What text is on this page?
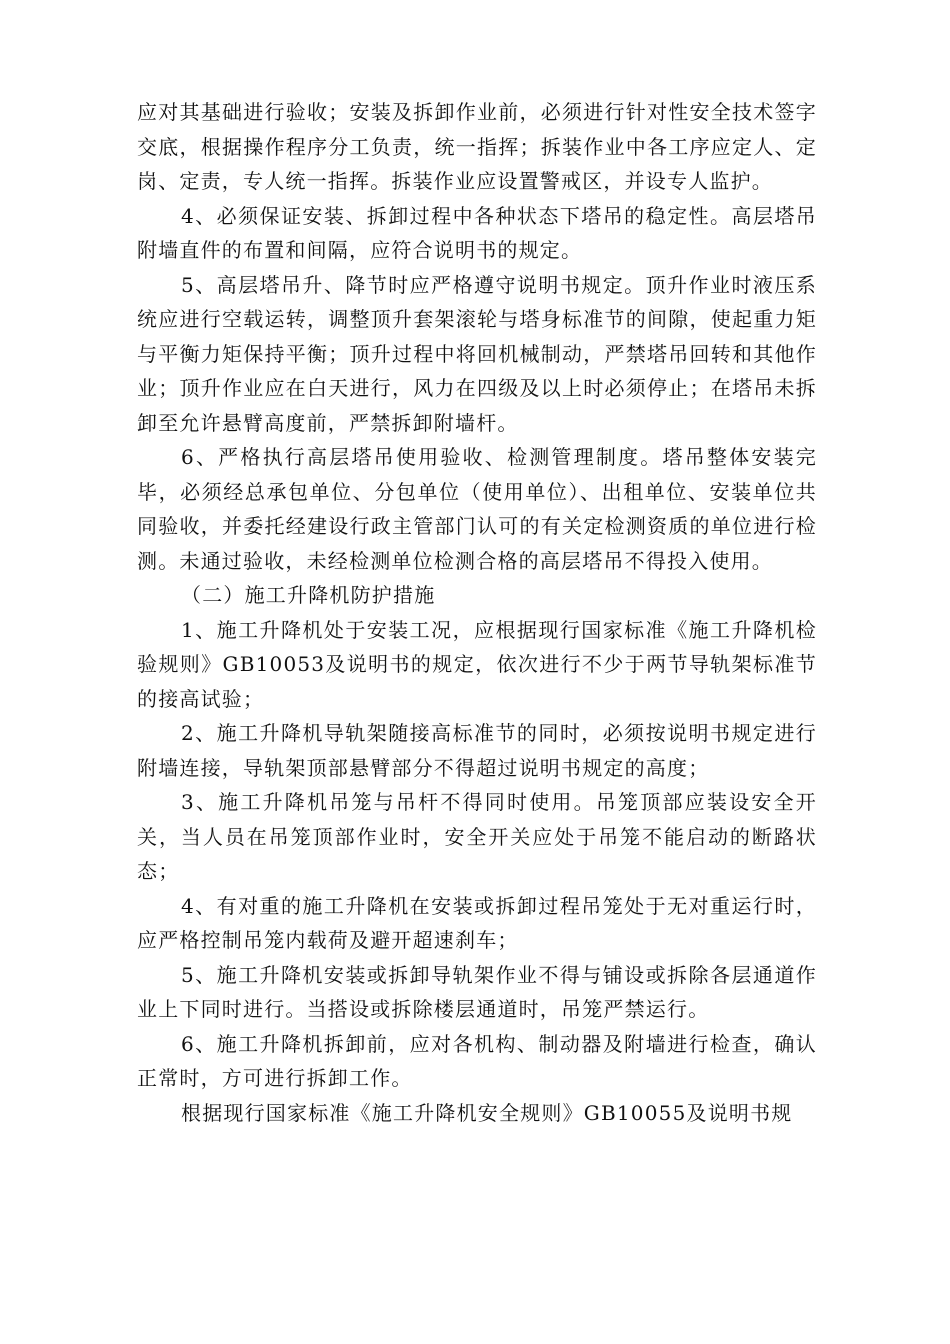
应对其基础进行验收；安装及拆卸作业前，必须进行针对性安全技术签字交底，根据操作程序分工负责，统一指挥；拆装作业中各工序应定人、定岗、定责，专人统一指挥。拆装作业应设置警戒区，并设专人监护。

4、必须保证安装、拆卸过程中各种状态下塔吊的稳定性。高层塔吊附墙直件的布置和间隔，应符合说明书的规定。

5、高层塔吊升、降节时应严格遵守说明书规定。顶升作业时液压系统应进行空载运转，调整顶升套架滚轮与塔身标准节的间隙，使起重力矩与平衡力矩保持平衡；顶升过程中将回机械制动，严禁塔吊回转和其他作业；顶升作业应在白天进行，风力在四级及以上时必须停止；在塔吊未拆卸至允许悬臂高度前，严禁拆卸附墙杆。

6、严格执行高层塔吊使用验收、检测管理制度。塔吊整体安装完毕，必须经总承包单位、分包单位（使用单位）、出租单位、安装单位共同验收，并委托经建设行政主管部门认可的有关定检测资质的单位进行检测。未通过验收，未经检测单位检测合格的高层塔吊不得投入使用。

（二）施工升降机防护措施

1、施工升降机处于安装工况，应根据现行国家标准《施工升降机检验规则》GB10053及说明书的规定，依次进行不少于两节导轨架标准节的接高试验；

2、施工升降机导轨架随接高标准节的同时，必须按说明书规定进行附墙连接，导轨架顶部悬臂部分不得超过说明书规定的高度；

3、施工升降机吊笼与吊杆不得同时使用。吊笼顶部应装设安全开关，当人员在吊笼顶部作业时，安全开关应处于吊笼不能启动的断路状态；

4、有对重的施工升降机在安装或拆卸过程吊笼处于无对重运行时，应严格控制吊笼内载荷及避开超速刹车；

5、施工升降机安装或拆卸导轨架作业不得与铺设或拆除各层通道作业上下同时进行。当搭设或拆除楼层通道时，吊笼严禁运行。

6、施工升降机拆卸前，应对各机构、制动器及附墙进行检查，确认正常时，方可进行拆卸工作。

根据现行国家标准《施工升降机安全规则》GB10055及说明书规
